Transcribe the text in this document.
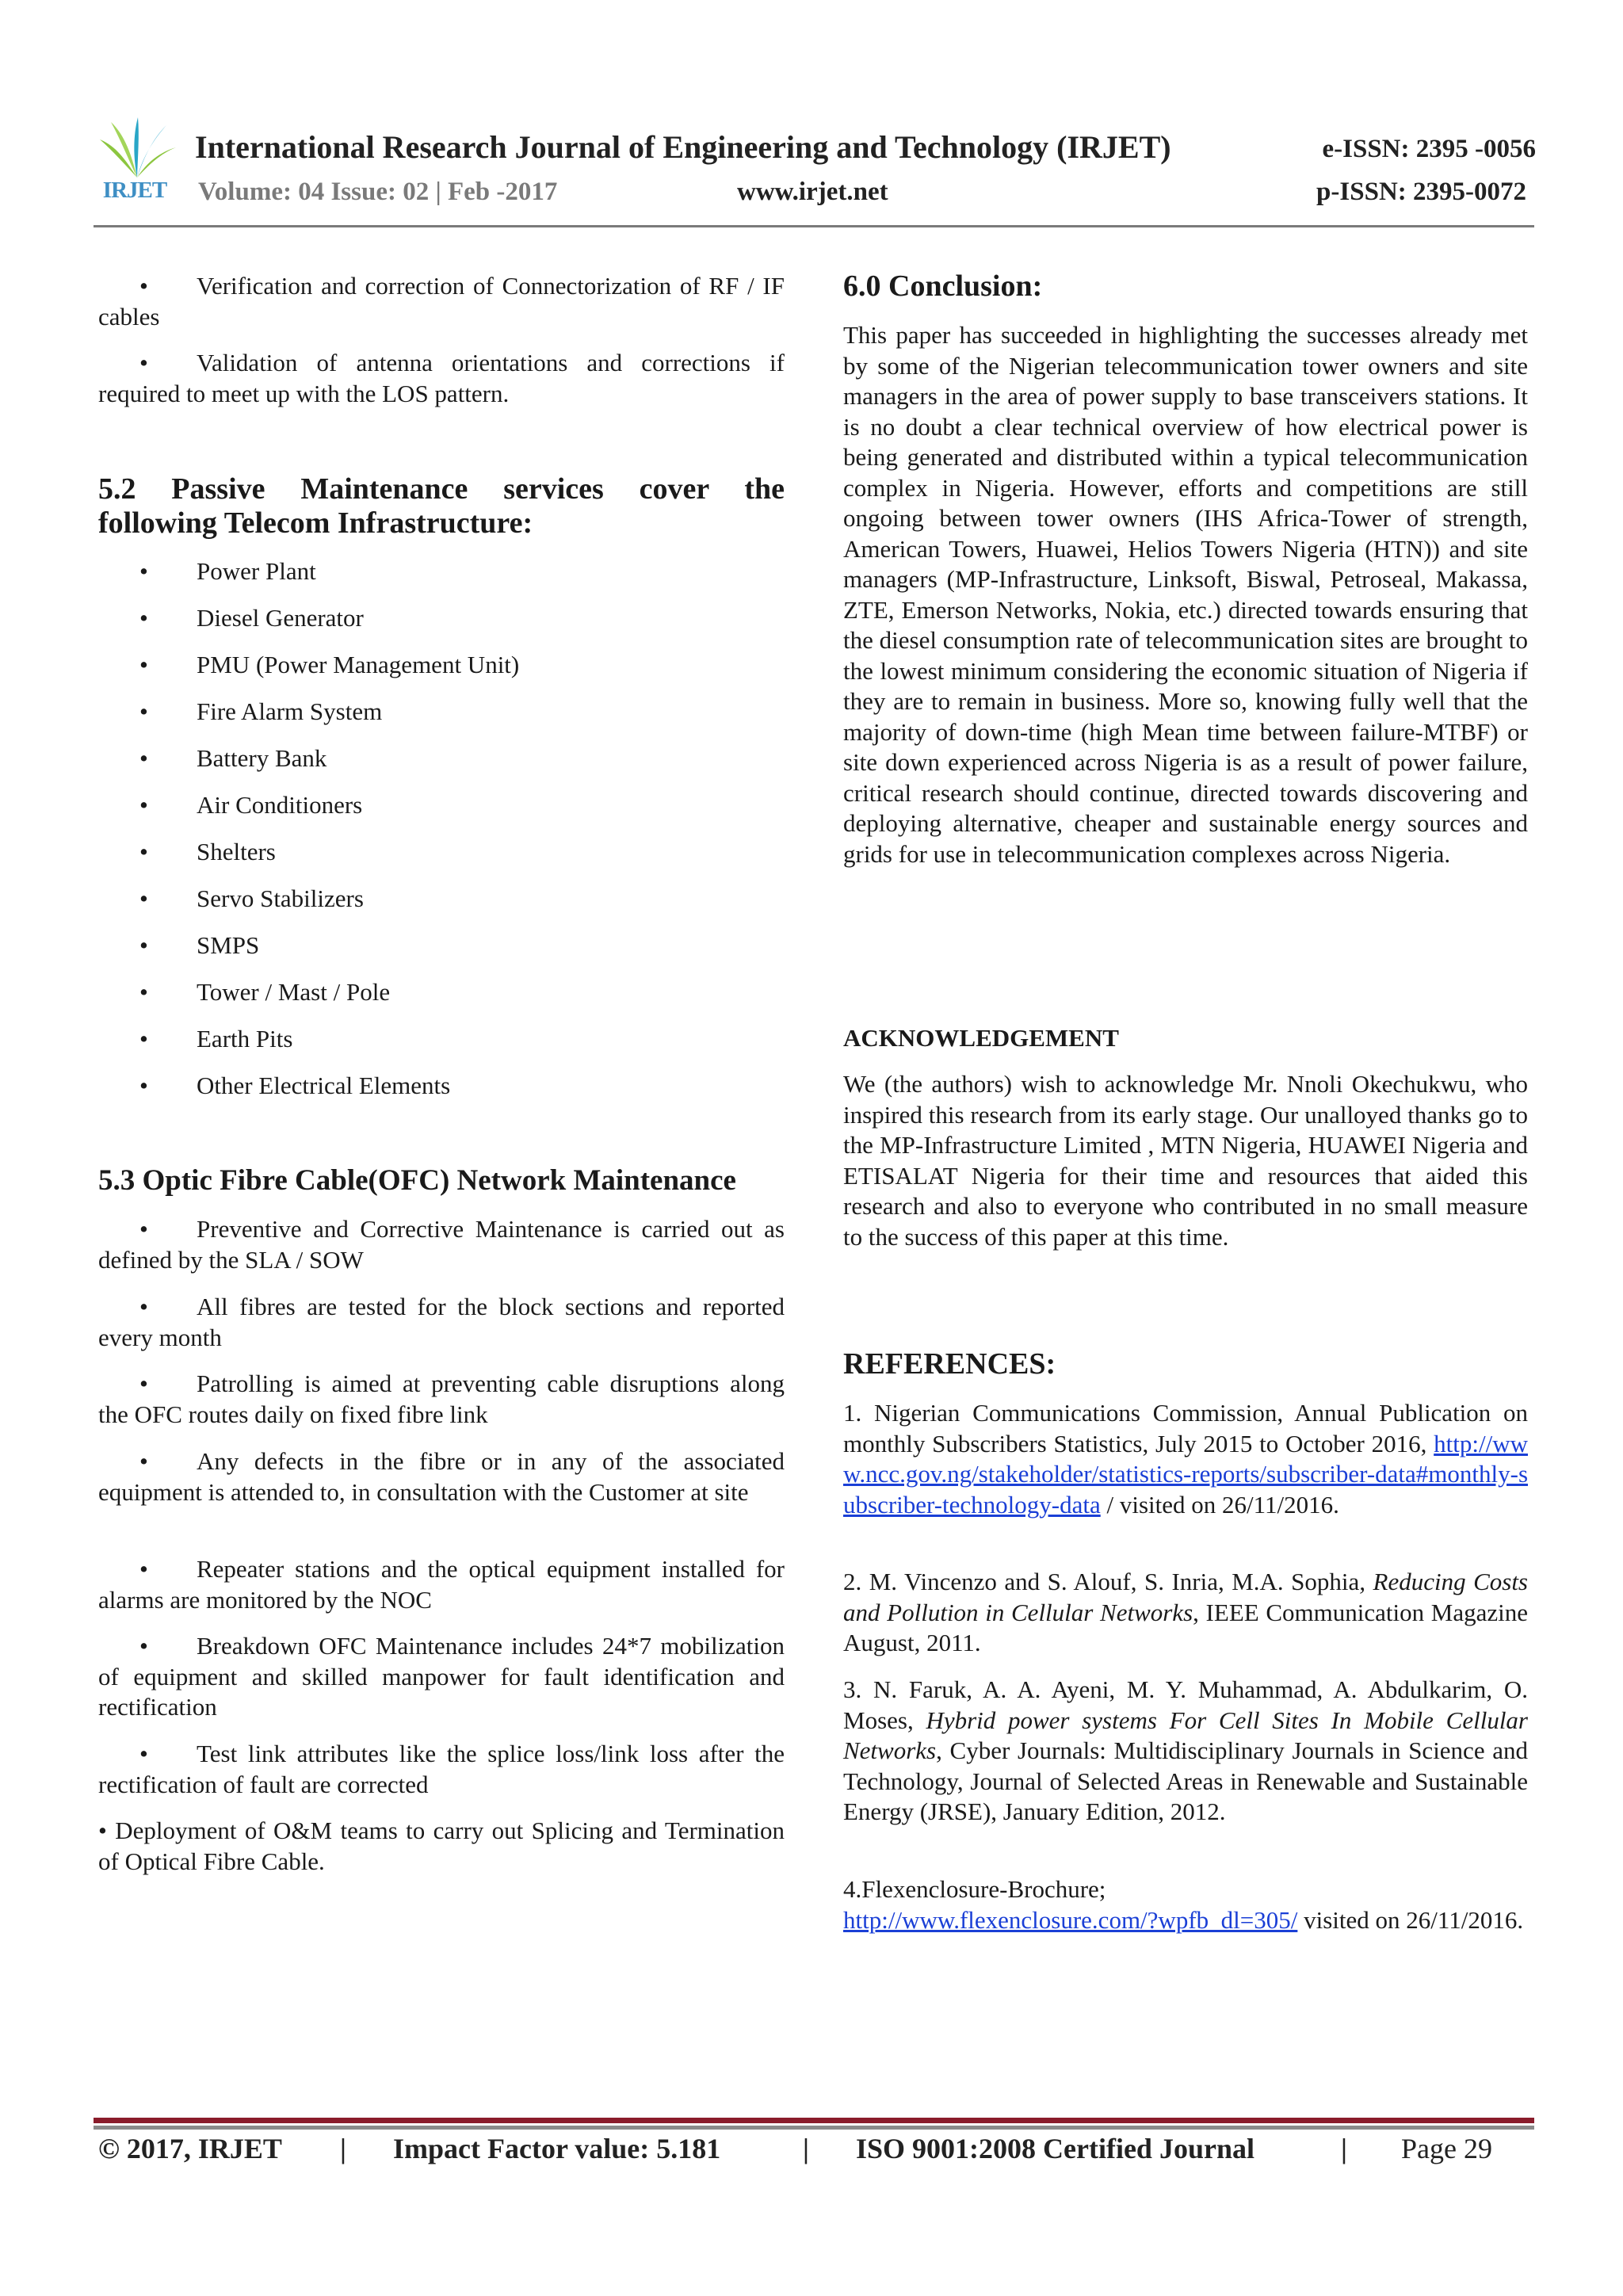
IRJET
International Research Journal of Engineering and Technology (IRJET)	e-ISSN: 2395 -0056
Volume: 04 Issue: 02 | Feb -2017	www.irjet.net	p-ISSN: 2395-0072
• Verification and correction of Connectorization of RF / IF cables
• Validation of antenna orientations and corrections if required to meet up with the LOS pattern.
5.2 Passive Maintenance services cover the
following Telecom Infrastructure:
• Power Plant
• Diesel Generator
• PMU (Power Management Unit)
• Fire Alarm System
• Battery Bank
• Air Conditioners
• Shelters
• Servo Stabilizers
• SMPS
• Tower / Mast / Pole
• Earth Pits
• Other Electrical Elements
5.3 Optic Fibre Cable(OFC) Network Maintenance
• Preventive and Corrective Maintenance is carried out as defined by the SLA / SOW
• All fibres are tested for the block sections and reported every month
• Patrolling is aimed at preventing cable disruptions along the OFC routes daily on fixed fibre link
• Any defects in the fibre or in any of the associated equipment is attended to, in consultation with the Customer at site
• Repeater stations and the optical equipment installed for alarms are monitored by the NOC
• Breakdown OFC Maintenance includes 24*7 mobilization of equipment and skilled manpower for fault identification and rectification
• Test link attributes like the splice loss/link loss after the rectification of fault are corrected
• Deployment of O&M teams to carry out Splicing and Termination of Optical Fibre Cable.
6.0 Conclusion:

This paper has succeeded in highlighting the successes already met by some of the Nigerian telecommunication tower owners and site managers in the area of power supply to base transceivers stations. It is no doubt a clear technical overview of how electrical power is being generated and distributed within a typical telecommunication complex in Nigeria. However, efforts and competitions are still ongoing between tower owners (IHS Africa-Tower of strength, American Towers, Huawei, Helios Towers Nigeria (HTN)) and site managers (MP-Infrastructure, Linksoft, Biswal, Petroseal, Makassa, ZTE, Emerson Networks, Nokia, etc.) directed towards ensuring that the diesel consumption rate of telecommunication sites are brought to the lowest minimum considering the economic situation of Nigeria if they are to remain in business. More so, knowing fully well that the majority of down-time (high Mean time between failure-MTBF) or site down experienced across Nigeria is as a result of power failure, critical research should continue, directed towards discovering and deploying alternative, cheaper and sustainable energy sources and grids for use in telecommunication complexes across Nigeria.

ACKNOWLEDGEMENT

We (the authors) wish to acknowledge Mr. Nnoli Okechukwu, who inspired this research from its early stage. Our unalloyed thanks go to the MP-Infrastructure Limited , MTN Nigeria, HUAWEI Nigeria and ETISALAT Nigeria for their time and resources that aided this research and also to everyone who contributed in no small measure to the success of this paper at this time.

REFERENCES:

1. Nigerian Communications Commission, Annual Publication on monthly Subscribers Statistics, July 2015 to October 2016, http://www.ncc.gov.ng/stakeholder/statistics-reports/subscriber-data#monthly-subscriber-technology-data / visited on 26/11/2016.

2. M. Vincenzo and S. Alouf, S. Inria, M.A. Sophia, Reducing Costs and Pollution in Cellular Networks, IEEE Communication Magazine August, 2011.

3. N. Faruk, A. A. Ayeni, M. Y. Muhammad, A. Abdulkarim, O. Moses, Hybrid power systems For Cell Sites In Mobile Cellular Networks, Cyber Journals: Multidisciplinary Journals in Science and Technology, Journal of Selected Areas in Renewable and Sustainable Energy (JRSE), January Edition, 2012.

4.Flexenclosure-Brochure;
http://www.flexenclosure.com/?wpfb_dl=305/ visited on 26/11/2016.

© 2017, IRJET | Impact Factor value: 5.181	| ISO 9001:2008 Certified Journal	| Page 29
